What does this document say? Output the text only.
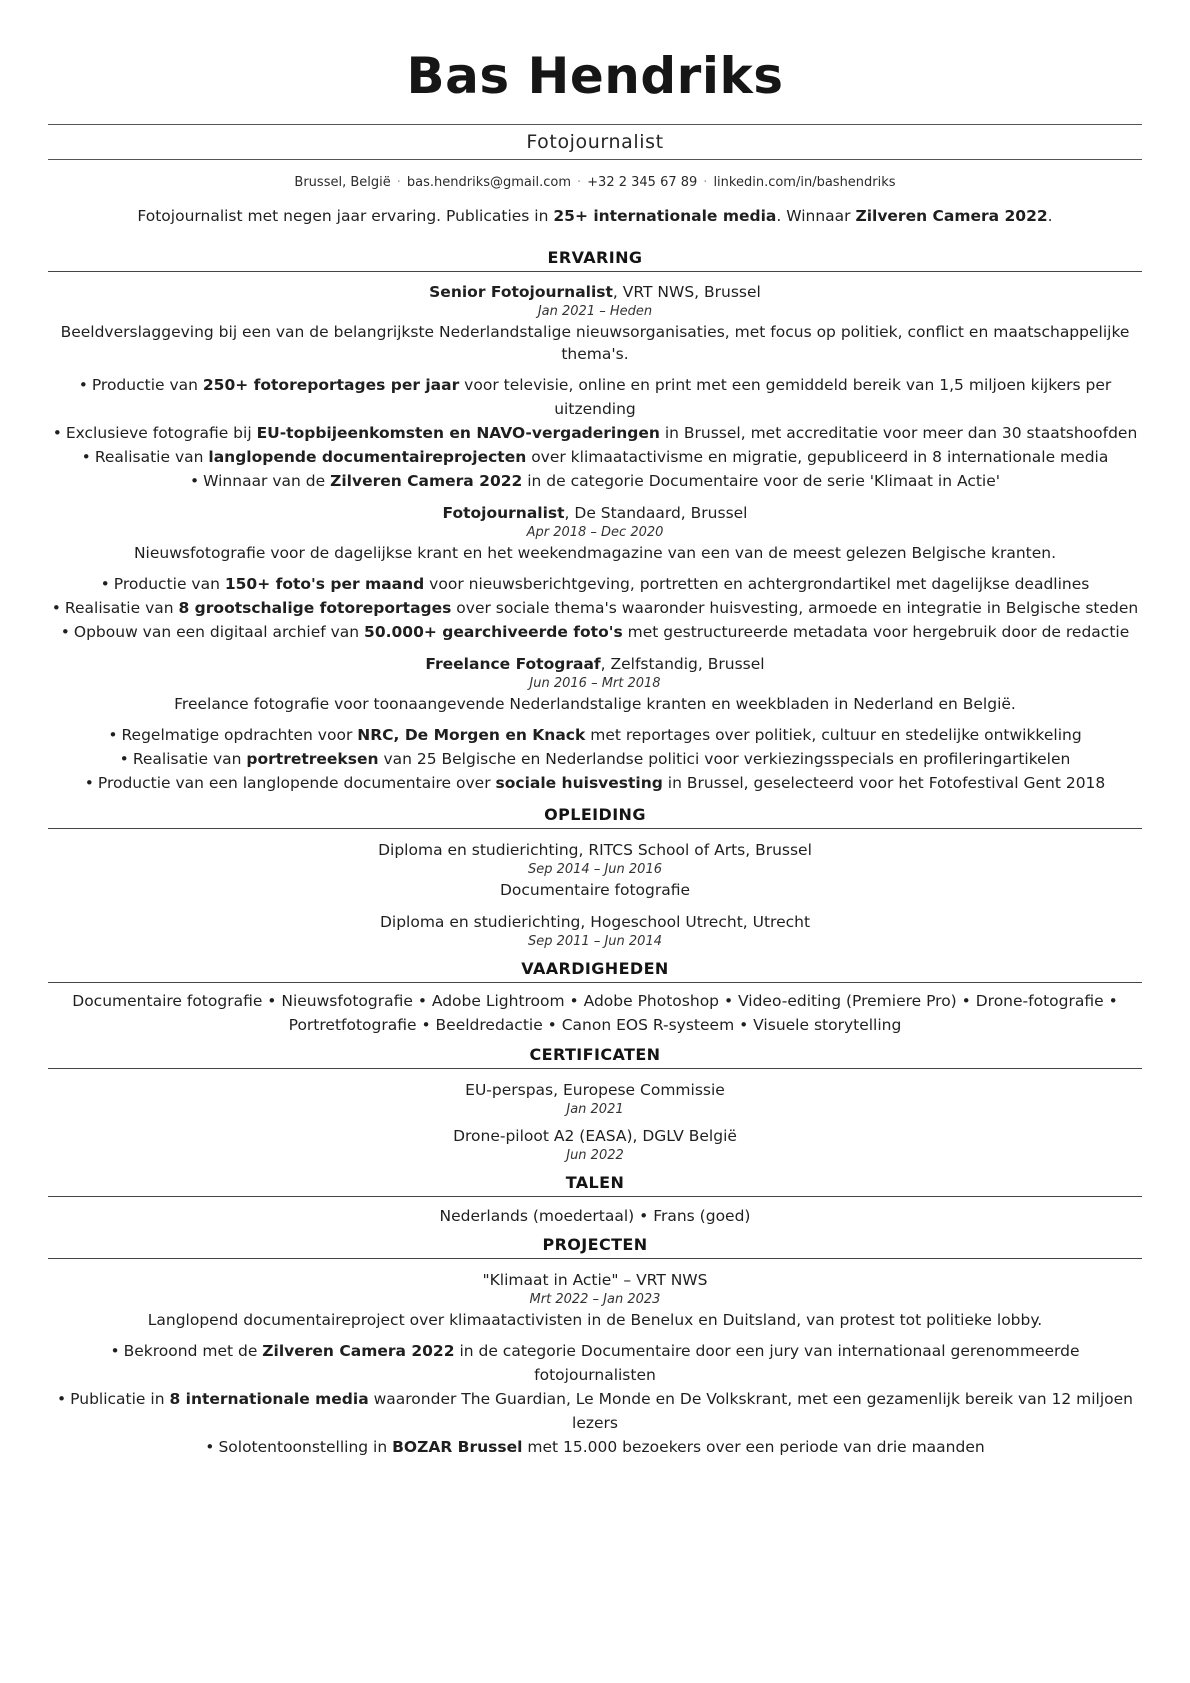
Bas Hendriks
Fotojournalist
Brussel, België · bas.hendriks@gmail.com · +32 2 345 67 89 · linkedin.com/in/bashendriks
Fotojournalist met negen jaar ervaring. Publicaties in 25+ internationale media. Winnaar Zilveren Camera 2022.
ERVARING
Senior Fotojournalist, VRT NWS, Brussel
Jan 2021 – Heden
Beeldverslaggeving bij een van de belangrijkste Nederlandstalige nieuwsorganisaties, met focus op politiek, conflict en maatschappelijke thema's.
• Productie van 250+ fotoreportages per jaar voor televisie, online en print met een gemiddeld bereik van 1,5 miljoen kijkers per uitzending
• Exclusieve fotografie bij EU-topbijeenkomsten en NAVO-vergaderingen in Brussel, met accreditatie voor meer dan 30 staatshoofden
• Realisatie van langlopende documentaireprojecten over klimaatactivisme en migratie, gepubliceerd in 8 internationale media
• Winnaar van de Zilveren Camera 2022 in de categorie Documentaire voor de serie 'Klimaat in Actie'
Fotojournalist, De Standaard, Brussel
Apr 2018 – Dec 2020
Nieuwsfotografie voor de dagelijkse krant en het weekendmagazine van een van de meest gelezen Belgische kranten.
• Productie van 150+ foto's per maand voor nieuwsberichtgeving, portretten en achtergrondartikel met dagelijkse deadlines
• Realisatie van 8 grootschalige fotoreportages over sociale thema's waaronder huisvesting, armoede en integratie in Belgische steden
• Opbouw van een digitaal archief van 50.000+ gearchiveerde foto's met gestructureerde metadata voor hergebruik door de redactie
Freelance Fotograaf, Zelfstandig, Brussel
Jun 2016 – Mrt 2018
Freelance fotografie voor toonaangevende Nederlandstalige kranten en weekbladen in Nederland en België.
• Regelmatige opdrachten voor NRC, De Morgen en Knack met reportages over politiek, cultuur en stedelijke ontwikkeling
• Realisatie van portretreeksen van 25 Belgische en Nederlandse politici voor verkiezingsspecials en profileringartikelen
• Productie van een langlopende documentaire over sociale huisvesting in Brussel, geselecteerd voor het Fotofestival Gent 2018
OPLEIDING
Diploma en studierichting, RITCS School of Arts, Brussel
Sep 2014 – Jun 2016
Documentaire fotografie
Diploma en studierichting, Hogeschool Utrecht, Utrecht
Sep 2011 – Jun 2014
VAARDIGHEDEN
Documentaire fotografie • Nieuwsfotografie • Adobe Lightroom • Adobe Photoshop • Video-editing (Premiere Pro) • Drone-fotografie •
Portretfotografie • Beeldredactie • Canon EOS R-systeem • Visuele storytelling
CERTIFICATEN
EU-perspas, Europese Commissie
Jan 2021
Drone-piloot A2 (EASA), DGLV België
Jun 2022
TALEN
Nederlands (moedertaal) • Frans (goed)
PROJECTEN
"Klimaat in Actie" – VRT NWS
Mrt 2022 – Jan 2023
Langlopend documentaireproject over klimaatactivisten in de Benelux en Duitsland, van protest tot politieke lobby.
• Bekroond met de Zilveren Camera 2022 in de categorie Documentaire door een jury van internationaal gerenommeerde fotojournalisten
• Publicatie in 8 internationale media waaronder The Guardian, Le Monde en De Volkskrant, met een gezamenlijk bereik van 12 miljoen lezers
• Solotentoonstelling in BOZAR Brussel met 15.000 bezoekers over een periode van drie maanden
